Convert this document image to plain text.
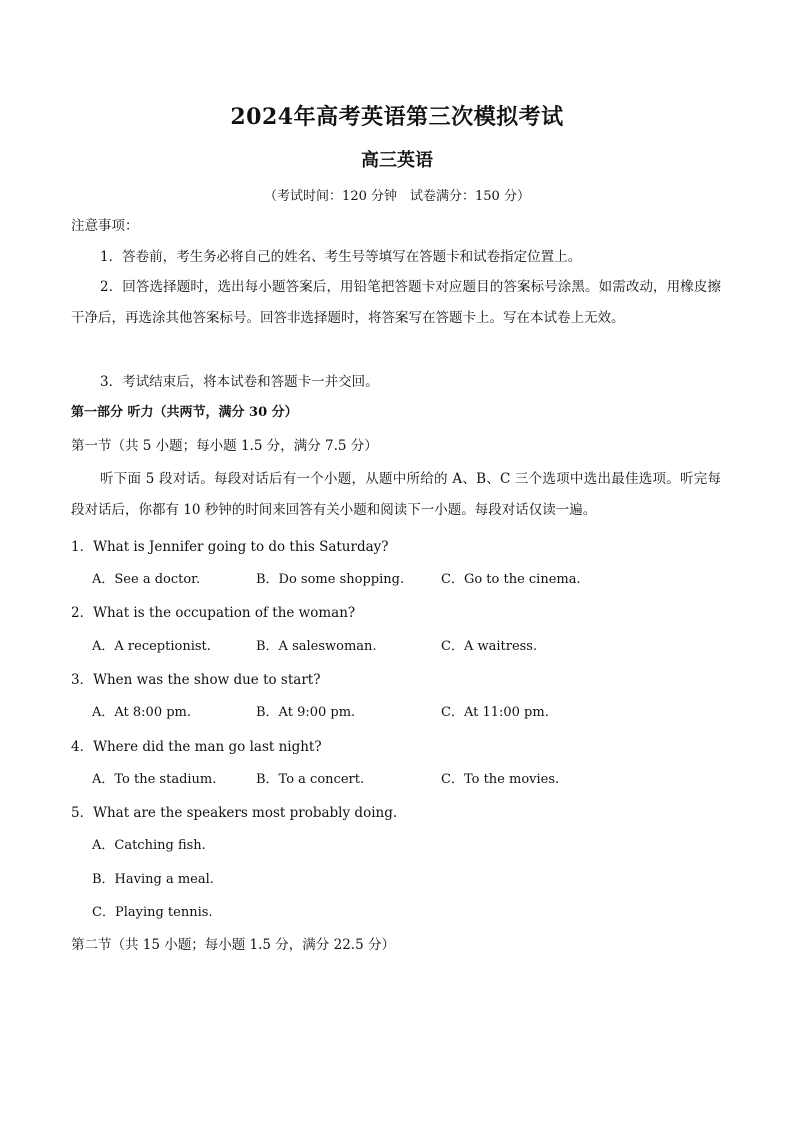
2024年高考英语第三次模拟考试
高三英语
（考试时间：120 分钟　试卷满分：150 分）
注意事项：
1．答卷前，考生务必将自己的姓名、考生号等填写在答题卡和试卷指定位置上。
2．回答选择题时，选出每小题答案后，用铅笔把答题卡对应题目的答案标号涂黑。如需改动，用橡皮擦干净后，再选涂其他答案标号。回答非选择题时，将答案写在答题卡上。写在本试卷上无效。
3．考试结束后，将本试卷和答题卡一并交回。
第一部分 听力（共两节，满分 30 分）
第一节（共 5 小题；每小题 1.5 分，满分 7.5 分）
听下面 5 段对话。每段对话后有一个小题，从题中所给的 A、B、C 三个选项中选出最佳选项。听完每段对话后，你都有 10 秒钟的时间来回答有关小题和阅读下一小题。每段对话仅读一遍。
1．What is Jennifer going to do this Saturday?
A．See a doctor.	B．Do some shopping.	C．Go to the cinema.
2．What is the occupation of the woman?
A．A receptionist.	B．A saleswoman.	C．A waitress.
3．When was the show due to start?
A．At 8:00 pm.	B．At 9:00 pm.	C．At 11:00 pm.
4．Where did the man go last night?
A．To the stadium.	B．To a concert.	C．To the movies.
5．What are the speakers most probably doing.
A．Catching fish.
B．Having a meal.
C．Playing tennis.
第二节（共 15 小题；每小题 1.5 分，满分 22.5 分）
